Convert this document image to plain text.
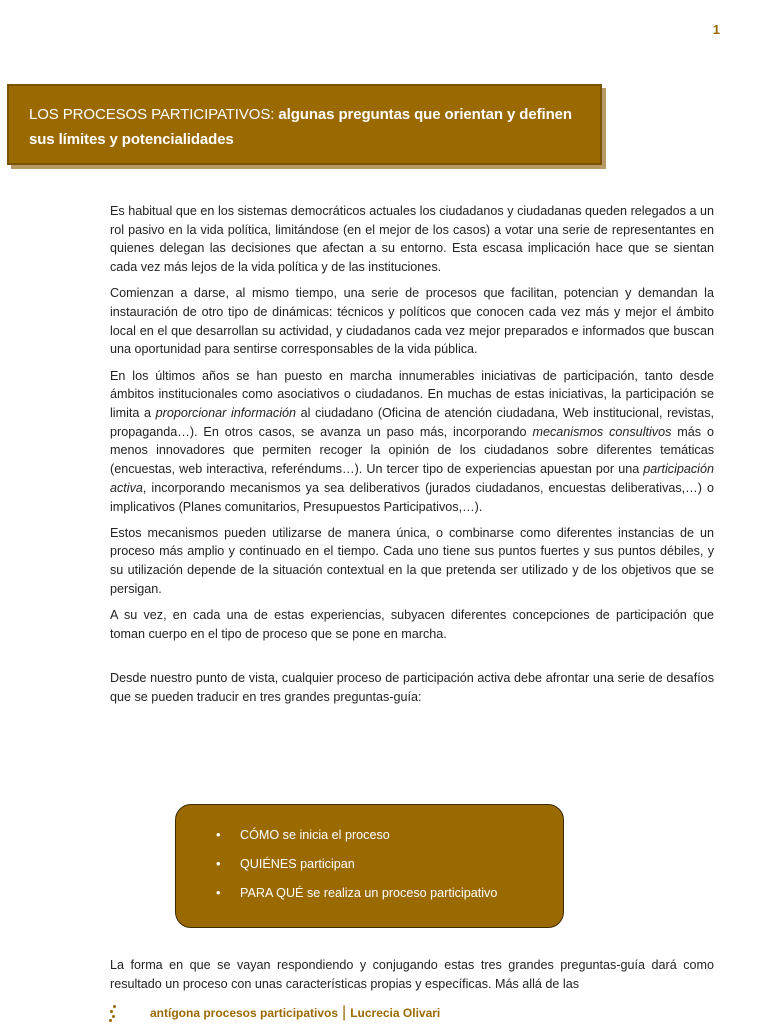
1

LOS PROCESOS PARTICIPATIVOS: algunas preguntas que orientan y definen

sus límites y potencialidades

Es habitual que en los sistemas democráticos actuales los ciudadanos y ciudadanas queden relegados a un rol pasivo en la vida política, limitándose (en el mejor de los casos) a votar una serie de representantes en quienes delegan las decisiones que afectan a su entorno. Esta escasa implicación hace que se sientan cada vez más lejos de la vida política y de las instituciones.

Comienzan a darse, al mismo tiempo, una serie de procesos que facilitan, potencian y demandan la instauración de otro tipo de dinámicas: técnicos y políticos que conocen cada vez más y mejor el ámbito local en el que desarrollan su actividad, y ciudadanos cada vez mejor preparados e informados que buscan una oportunidad para sentirse corresponsables de la vida pública.

En los últimos años se han puesto en marcha innumerables iniciativas de participación, tanto desde ámbitos institucionales como asociativos o ciudadanos. En muchas de estas iniciativas, la participación se limita a proporcionar información al ciudadano (Oficina de atención ciudadana, Web institucional, revistas, propaganda…). En otros casos, se avanza un paso más, incorporando mecanismos consultivos más o menos innovadores que permiten recoger la opinión de los ciudadanos sobre diferentes temáticas (encuestas, web interactiva, referéndums…). Un tercer tipo de experiencias apuestan por una participación activa, incorporando mecanismos ya sea deliberativos (jurados ciudadanos, encuestas deliberativas,…) o implicativos (Planes comunitarios, Presupuestos Participativos,…).

Estos mecanismos pueden utilizarse de manera única, o combinarse como diferentes instancias de un proceso más amplio y continuado en el tiempo. Cada uno tiene sus puntos fuertes y sus puntos débiles, y su utilización depende de la situación contextual en la que pretenda ser utilizado y de los objetivos que se persigan.

A su vez, en cada una de estas experiencias, subyacen diferentes concepciones de participación que toman cuerpo en el tipo de proceso que se pone en marcha.

Desde nuestro punto de vista, cualquier proceso de participación activa debe afrontar una serie de desafíos que se pueden traducir en tres grandes preguntas-guía:

• CÓMO se inicia el proceso
• QUIÉNES participan
• PARA QUÉ se realiza un proceso participativo

La forma en que se vayan respondiendo y conjugando estas tres grandes preguntas-guía dará como resultado un proceso con unas características propias y específicas. Más allá de las

antígona procesos participativos | Lucrecia Olivari
